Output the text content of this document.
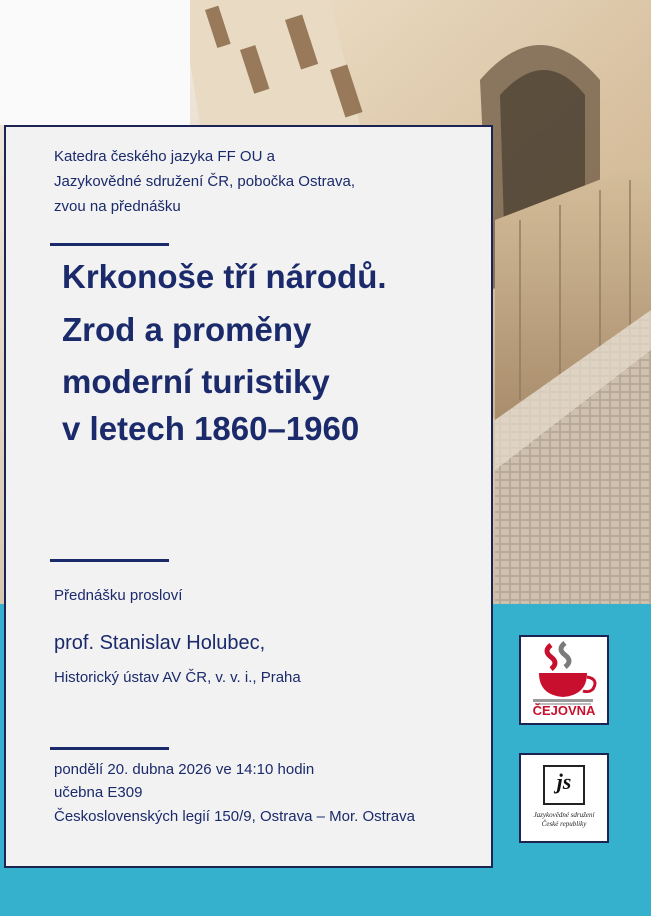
Katedra českého jazyka FF OU a
Jazykovědné sdružení ČR, pobočka Ostrava,
zvou na přednášku
Krkonoše tří národů.
Zrod a proměny
moderní turistiky
v letech 1860–1960
Přednášku prosloví
prof. Stanislav Holubec,
Historický ústav AV ČR, v. v. i., Praha
pondělí 20. dubna 2026 ve 14:10 hodin
učebna E309
Československých legií 150/9, Ostrava – Mor. Ostrava
ČEJOVNA
js
Jazykovědné sdružení
České republiky
